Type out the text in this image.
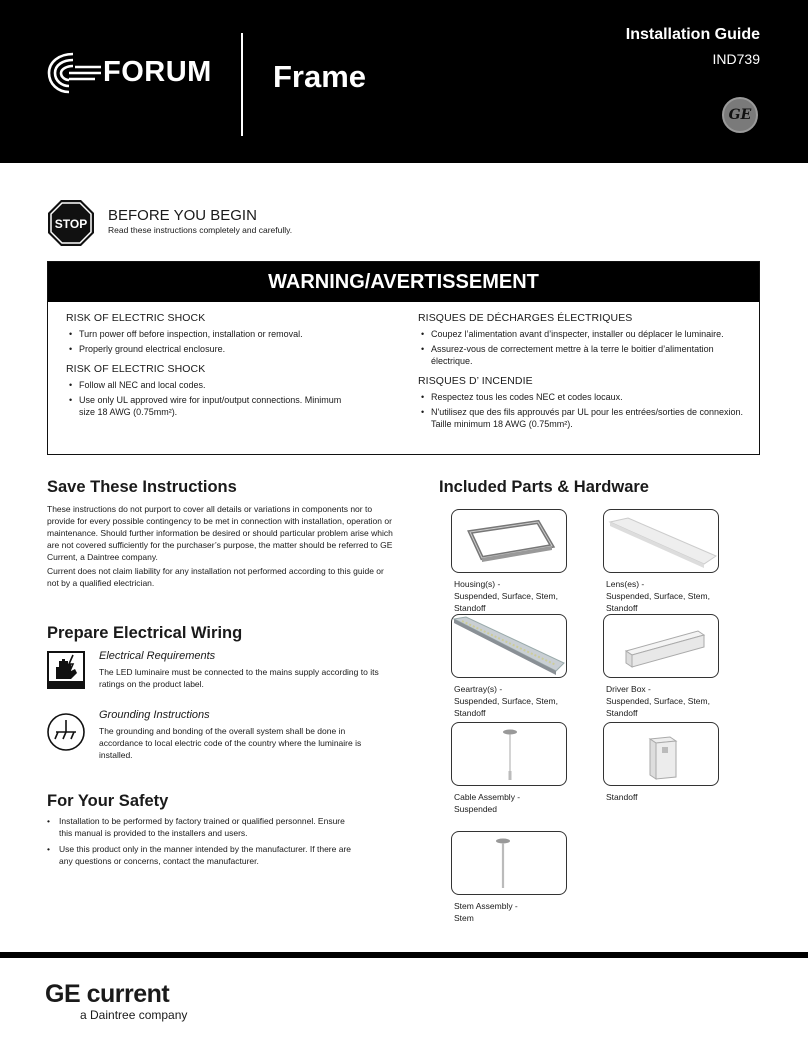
FORUM Frame
Installation Guide
IND739
GE
STOP BEFORE YOU BEGIN
Read these instructions completely and carefully.
WARNING/AVERTISSEMENT
RISK OF ELECTRIC SHOCK
• Turn power off before inspection, installation or removal.
• Properly ground electrical enclosure.
RISK OF ELECTRIC SHOCK
• Follow all NEC and local codes.
• Use only UL approved wire for input/output connections. Minimum size 18 AWG (0.75mm²).
RISQUES DE DÉCHARGES ÉLECTRIQUES
• Coupez l’alimentation avant d’inspecter, installer ou déplacer le luminaire.
• Assurez-vous de correctement mettre à la terre le boitier d’alimentation électrique.
RISQUES D’ INCENDIE
• Respectez tous les codes NEC et codes locaux.
• N'utilisez que des fils approuvés par UL pour les entrées/sorties de connexion. Taille minimum 18 AWG (0.75mm²).
Save These Instructions

These instructions do not purport to cover all details or variations in components nor to provide for every possible contingency to be met in connection with installation, operation or maintenance. Should further information be desired or should particular problem arise which are not covered sufficiently for the purchaser’s purpose, the matter should be referred to GE Current, a Daintree company.

Current does not claim liability for any installation not performed according to this guide or not by a qualified electrician.

Prepare Electrical Wiring
Electrical Requirements
The LED luminaire must be connected to the mains supply according to its ratings on the product label.
Grounding Instructions
The grounding and bonding of the overall system shall be done in accordance to local electric code of the country where the luminaire is installed.
For Your Safety
• Installation to be performed by factory trained or qualified personnel. Ensure this manual is provided to the installers and users.
• Use this product only in the manner intended by the manufacturer. If there are any questions or concerns, contact the manufacturer.
Included Parts & Hardware
Housing(s) -
Suspended, Surface, Stem, Standoff
Lens(es) -
Suspended, Surface, Stem, Standoff
Geartray(s) -
Suspended, Surface, Stem, Standoff
Driver Box -
Suspended, Surface, Stem, Standoff
Cable Assembly -
Suspended
Standoff
Stem Assembly -
Stem
GE current
a Daintree company
